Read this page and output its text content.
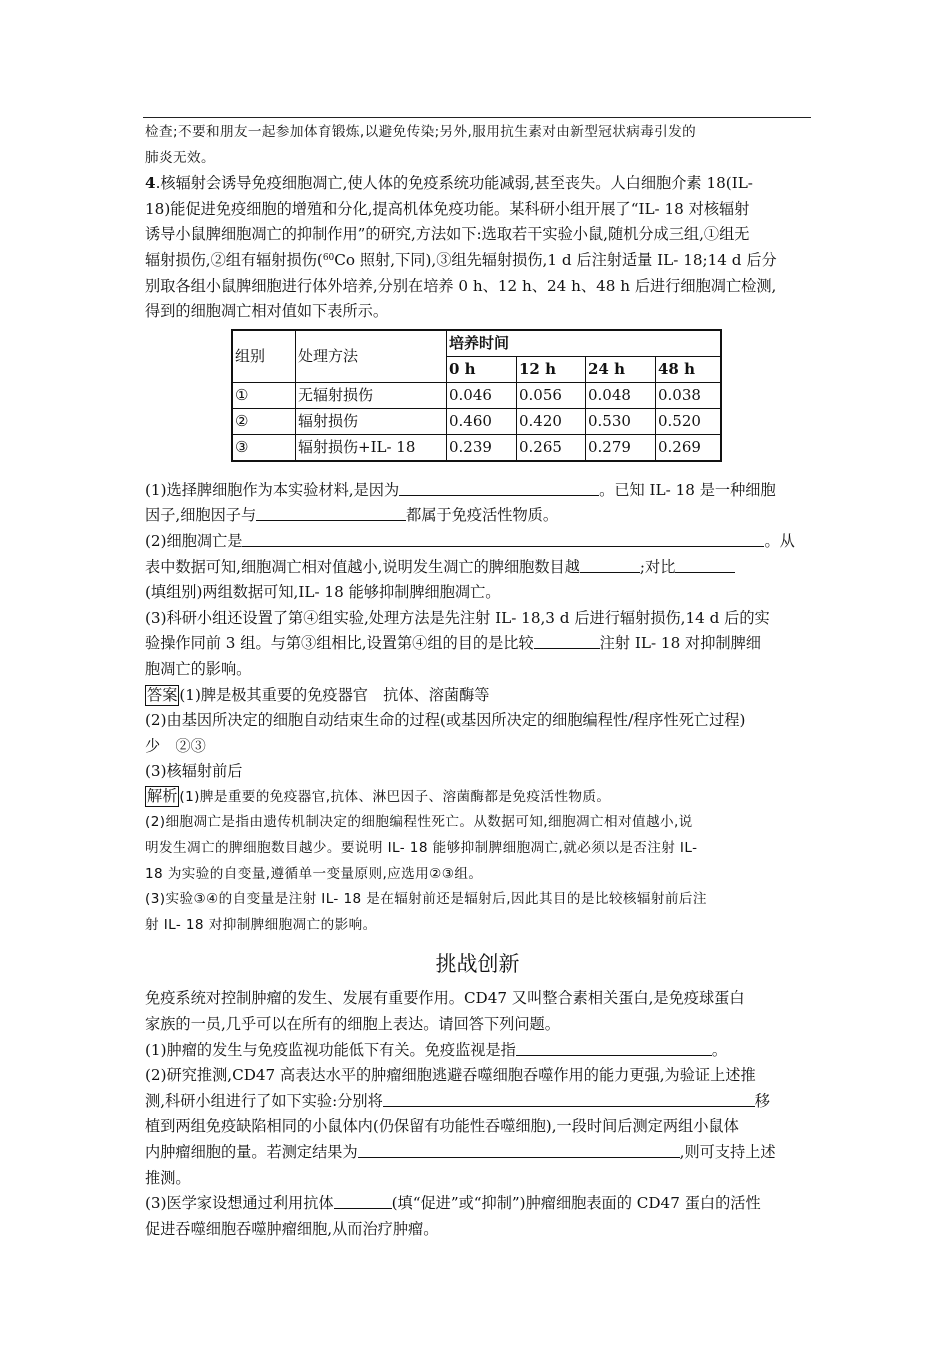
检查;不要和朋友一起参加体育锻炼,以避免传染;另外,服用抗生素对由新型冠状病毒引发的
肺炎无效。
4.核辐射会诱导免疫细胞凋亡,使人体的免疫系统功能减弱,甚至丧失。人白细胞介素 18(IL-
18)能促进免疫细胞的增殖和分化,提高机体免疫功能。某科研小组开展了“IL- 18 对核辐射
诱导小鼠脾细胞凋亡的抑制作用”的研究,方法如下:选取若干实验小鼠,随机分成三组,①组无
辐射损伤,②组有辐射损伤($^{60}$Co 照射,下同),③组先辐射损伤,1 d 后注射适量 IL- 18;14 d 后分
别取各组小鼠脾细胞进行体外培养,分别在培养 0 h、12 h、24 h、48 h 后进行细胞凋亡检测,
得到的细胞凋亡相对值如下表所示。
组别	处理方法	培养时间			
		0 h	12 h	24 h	48 h
①	无辐射损伤	0.046	0.056	0.048	0.038
②	辐射损伤	0.460	0.420	0.530	0.520
③	辐射损伤+IL- 18	0.239	0.265	0.279	0.269
(1)选择脾细胞作为本实验材料,是因为	。已知 IL- 18 是一种细胞
因子,细胞因子与	都属于免疫活性物质。
(2)细胞凋亡是	。从
表中数据可知,细胞凋亡相对值越小,说明发生凋亡的脾细胞数目越	;对比
(填组别)两组数据可知,IL- 18 能够抑制脾细胞凋亡。
(3)科研小组还设置了第④组实验,处理方法是先注射 IL- 18,3 d 后进行辐射损伤,14 d 后的实
验操作同前 3 组。与第③组相比,设置第④组的目的是比较	注射 IL- 18 对抑制脾细
胞凋亡的影响。
答案 (1)脾是极其重要的免疫器官　抗体、溶菌酶等
(2)由基因所决定的细胞自动结束生命的过程(或基因所决定的细胞编程性/程序性死亡过程)
少　②③
(3)核辐射前后
解析 (1)脾是重要的免疫器官,抗体、淋巴因子、溶菌酶都是免疫活性物质。
(2)细胞凋亡是指由遗传机制决定的细胞编程性死亡。从数据可知,细胞凋亡相对值越小,说
明发生凋亡的脾细胞数目越少。要说明 IL- 18 能够抑制脾细胞凋亡,就必须以是否注射 IL-
18 为实验的自变量,遵循单一变量原则,应选用②③组。
(3)实验③④的自变量是注射 IL- 18 是在辐射前还是辐射后,因此其目的是比较核辐射前后注
射 IL- 18 对抑制脾细胞凋亡的影响。
挑战创新
免疫系统对控制肿瘤的发生、发展有重要作用。CD47 又叫整合素相关蛋白,是免疫球蛋白
家族的一员,几乎可以在所有的细胞上表达。请回答下列问题。
(1)肿瘤的发生与免疫监视功能低下有关。免疫监视是指	。
(2)研究推测,CD47 高表达水平的肿瘤细胞逃避吞噬细胞吞噬作用的能力更强,为验证上述推
测,科研小组进行了如下实验:分别将	移
植到两组免疫缺陷相同的小鼠体内(仍保留有功能性吞噬细胞),一段时间后测定两组小鼠体
内肿瘤细胞的量。若测定结果为	,则可支持上述
推测。
(3)医学家设想通过利用抗体	(填“促进”或“抑制”)肿瘤细胞表面的 CD47 蛋白的活性
促进吞噬细胞吞噬肿瘤细胞,从而治疗肿瘤。
